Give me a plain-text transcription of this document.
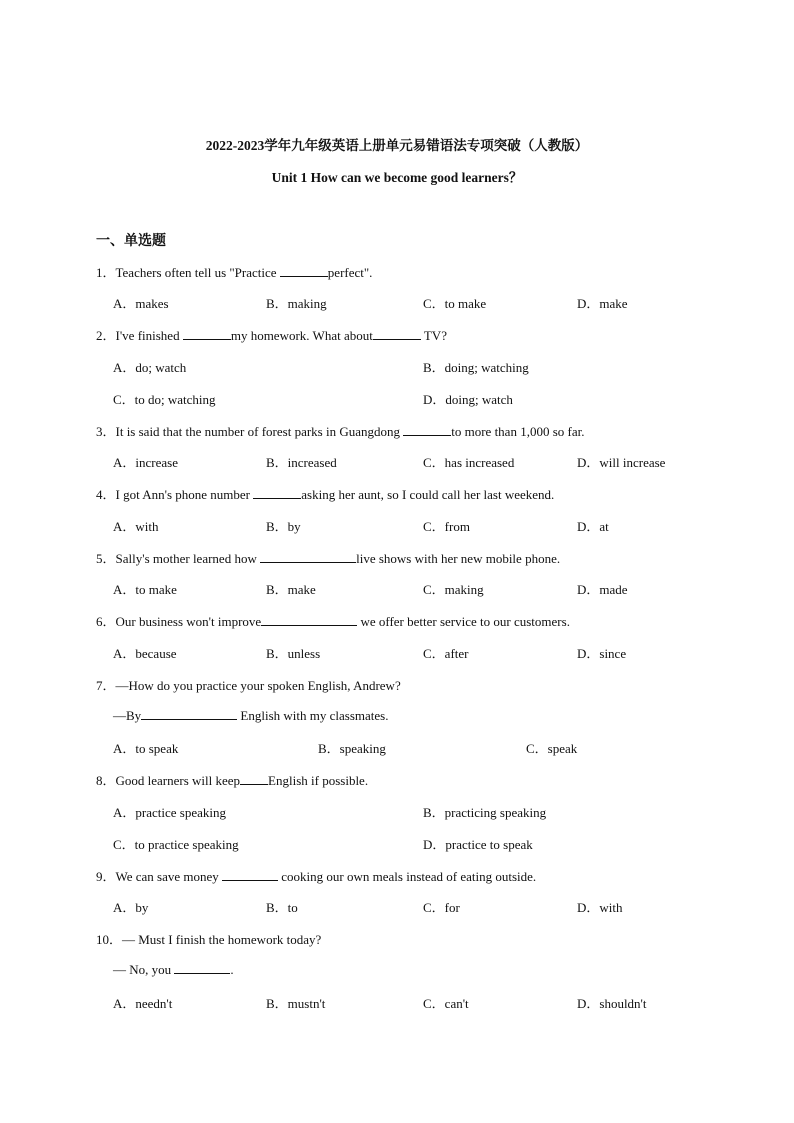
2022-2023学年九年级英语上册单元易错语法专项突破（人教版）
Unit 1 How can we become good learners？
一、单选题
1．Teachers often tell us "Practice	perfect".
A．makes	B．making	C．to make	D．make
2．I've finished	my homework. What about	TV?
A．do; watch	B．doing; watching
C．to do; watching	D．doing; watch
3．It is said that the number of forest parks in Guangdong	to more than 1,000 so far.
A．increase	B．increased	C．has increased	D．will increase
4．I got Ann's phone number	asking her aunt, so I could call her last weekend.
A．with	B．by	C．from	D．at
5．Sally's mother learned how	live shows with her new mobile phone.
A．to make	B．make	C．making	D．made
6．Our business won't improve	we offer better service to our customers.
A．because	B．unless	C．after	D．since
7．—How do you practice your spoken English, Andrew?
—By	English with my classmates.
A．to speak	B．speaking	C．speak
8．Good learners will keep English if possible.
A．practice speaking	B．practicing speaking
C．to practice speaking	D．practice to speak
9．We can save money	cooking our own meals instead of eating outside.
A．by	B．to	C．for	D．with
10．— Must I finish the homework today?
— No, you	.
A．needn't	B．mustn't	C．can't	D．shouldn't
